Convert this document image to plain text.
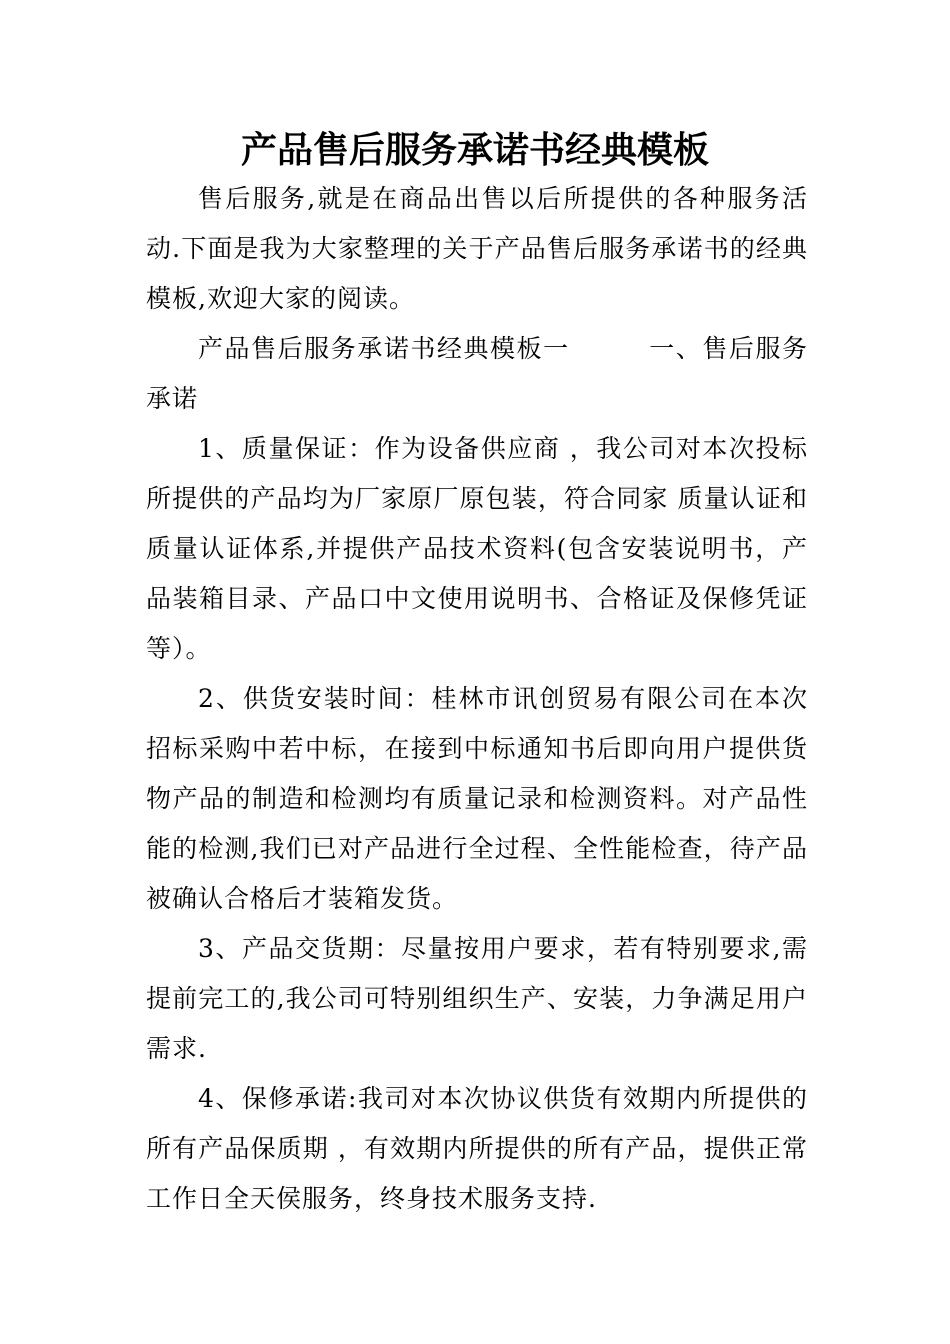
产品售后服务承诺书经典模板

售后服务,就是在商品出售以后所提供的各种服务活动.下面是我为大家整理的关于产品售后服务承诺书的经典模板,欢迎大家的阅读。

产品售后服务承诺书经典模板一　　　一、售后服务承诺

1、质量保证：作为设备供应商 ，我公司对本次投标所提供的产品均为厂家原厂原包装，符合同家 质量认证和质量认证体系,并提供产品技术资料(包含安装说明书，产品装箱目录、产品口中文使用说明书、合格证及保修凭证等）。

2、供货安装时间：桂林市讯创贸易有限公司在本次招标采购中若中标，在接到中标通知书后即向用户提供货物产品的制造和检测均有质量记录和检测资料。对产品性能的检测,我们已对产品进行全过程、全性能检查，待产品被确认合格后才装箱发货。

3、产品交货期：尽量按用户要求，若有特别要求,需提前完工的,我公司可特别组织生产、安装，力争满足用户需求.

4、保修承诺:我司对本次协议供货有效期内所提供的所有产品保质期 ，有效期内所提供的所有产品，提供正常工作日全天侯服务，终身技术服务支持.
